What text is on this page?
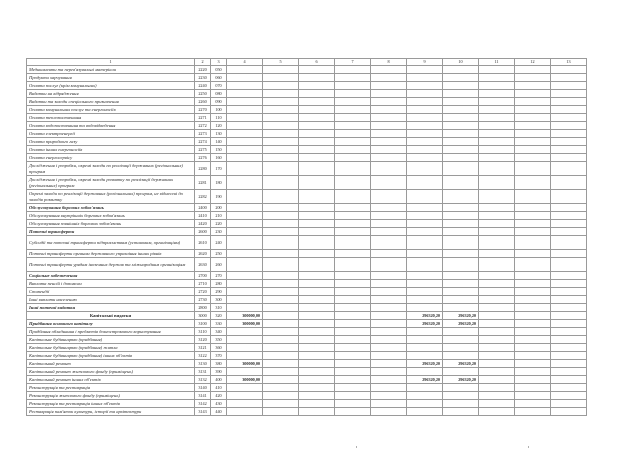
1	2	3	4	5	6	7	8	9	10	11	12	13
Медикаменти та перев'язувальні матеріали	2220	050										
Продукти харчування	2230	060										
Оплата послуг (крім комунальних)	2240	070										
Видатки на відрядження	2250	080										
Видатки та заходи спеціального призначення	2260	090										
Оплата комунальних послуг та енергоносіїв	2270	100										
Оплата теплопостачання	2271	110										
Оплата водопостачання та водовідведення	2272	120										
Оплата електроенергії	2273	130										
Оплата природного газу	2274	140										
Оплата інших енергоносіїв	2275	150										
Оплата енергосервісу	2276	160										
Дослідження і розробки, окремі заходи по реалізації державних (регіональних) програм	2280	170										
Дослідження і розробки, окремі заходи розвитку по реалізації державних (регіональних) програм	2281	180										
Окремі заходи по реалізації державних (регіональних) програм, не віднесені до заходів розвитку	2282	190										
Обслуговування боргових зобов'язань	2400	200										
Обслуговування внутрішніх боргових зобов'язань	2410	210										
Обслуговування зовнішніх боргових зобов'язань	2420	220										
Поточні трансферти	2600	230										
Субсидії та поточні трансферти підприємствам (установам, організаціям)	2610	240										
Поточні трансферти органам державного управління інших рівнів	2620	250										
Поточні трансферти урядам іноземних держав та міжнародним організаціям	2630	260										
Соціальне забезпечення	2700	270										
Виплата пенсій і допомоги	2710	280										
Стипендії	2720	290										
Інші виплати населенню	2730	300										
Інші поточні видатки	2800	310										
Капітальні видатки	3000	320	300000,00					296320,20	296320,20			
Придбання основного капіталу	3100	330	300000,00					296320,20	296320,20			
Придбання обладнання і предметів довгострокового користування	3110	340										
Капітальне будівництво (придбання)	3120	350										
Капітальне будівництво (придбання) житла	3121	360										
Капітальне будівництво (придбання) інших об'єктів	3122	370										
Капітальний ремонт	3130	380	300000,00					296320,20	296320,20			
Капітальний ремонт житлового фонду (приміщень)	3131	390										
Капітальний ремонт інших об'єктів	3132	400	300000,00					296320,20	296320,20			
Реконструкція та реставрація	3140	410										
Реконструкція житлового фонду (приміщень)	3141	420										
Реконструкція та реставрація інших об'єктів	3142	430										
Реставрація пам'яток культури, історії та архітектури	3143	440										
